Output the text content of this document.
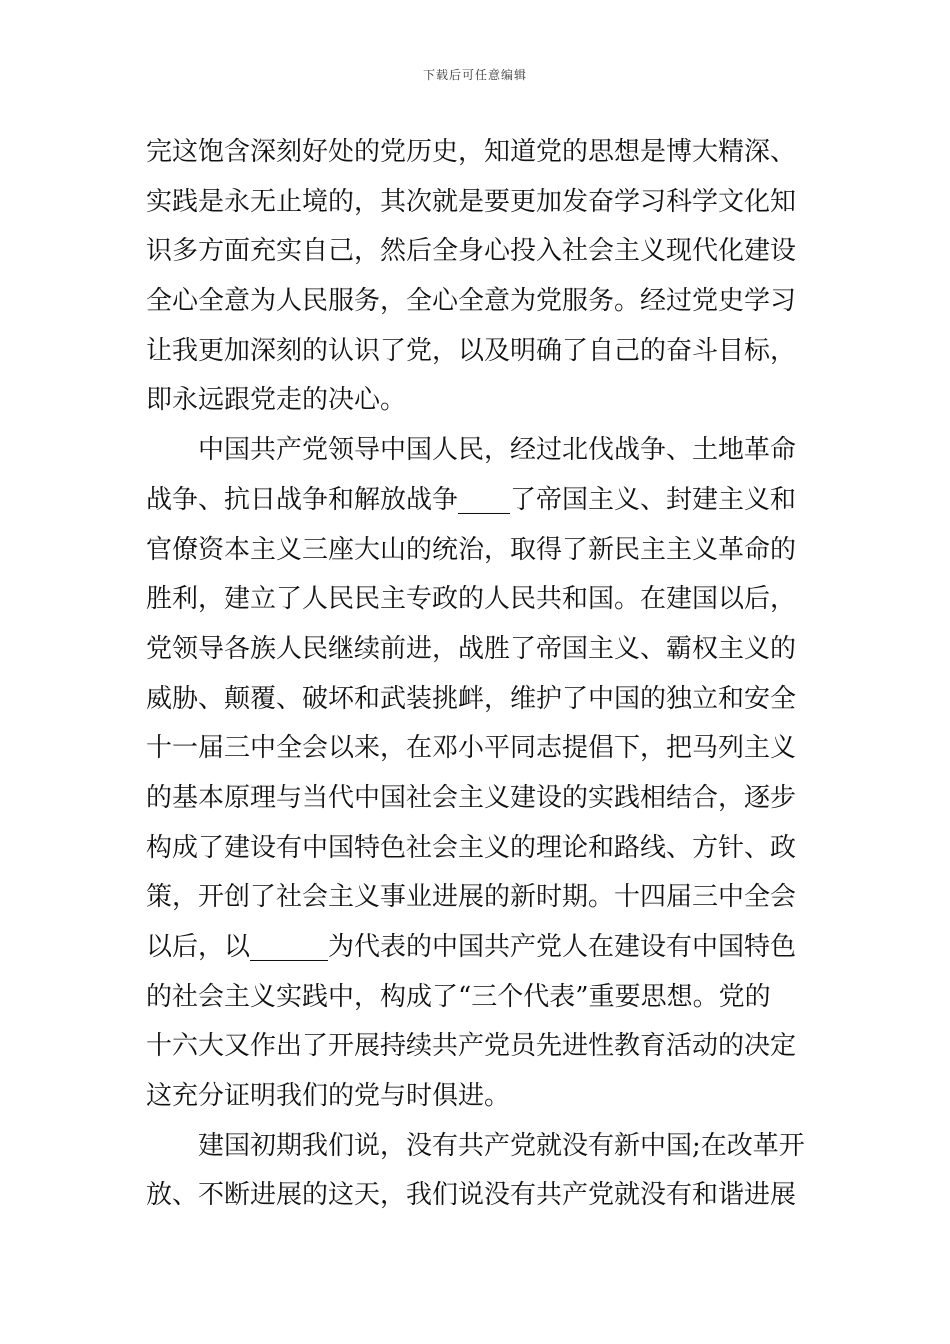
下载后可任意编辑
完这饱含深刻好处的党历史，知道党的思想是博大精深、
实践是永无止境的，其次就是要更加发奋学习科学文化知
识多方面充实自己，然后全身心投入社会主义现代化建设
全心全意为人民服务，全心全意为党服务。经过党史学习
让我更加深刻的认识了党，以及明确了自己的奋斗目标，
即永远跟党走的决心。
中国共产党领导中国人民，经过北伐战争、土地革命
战争、抗日战争和解放战争____了帝国主义、封建主义和
官僚资本主义三座大山的统治，取得了新民主主义革命的
胜利，建立了人民民主专政的人民共和国。在建国以后，
党领导各族人民继续前进，战胜了帝国主义、霸权主义的
威胁、颠覆、破坏和武装挑衅，维护了中国的独立和安全
十一届三中全会以来，在邓小平同志提倡下，把马列主义
的基本原理与当代中国社会主义建设的实践相结合，逐步
构成了建设有中国特色社会主义的理论和路线、方针、政
策，开创了社会主义事业进展的新时期。十四届三中全会
以后，以______为代表的中国共产党人在建设有中国特色
的社会主义实践中，构成了“三个代表”重要思想。党的
十六大又作出了开展持续共产党员先进性教育活动的决定
这充分证明我们的党与时俱进。
建国初期我们说，没有共产党就没有新中国;在改革开
放、不断进展的这天，我们说没有共产党就没有和谐进展
